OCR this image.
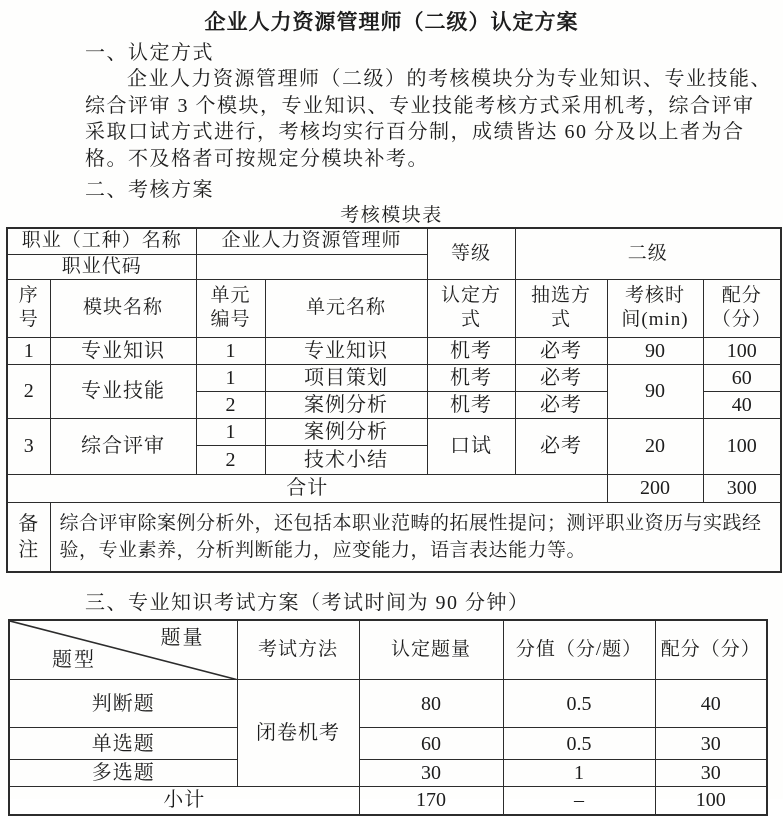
企业人力资源管理师（二级）认定方案
一、认定方式
企业人力资源管理师（二级）的考核模块分为专业知识、专业技能、
综合评审 3 个模块，专业知识、专业技能考核方式采用机考，综合评审
采取口试方式进行，考核均实行百分制，成绩皆达 60 分及以上者为合
格。不及格者可按规定分模块补考。
二、考核方案
考核模块表
职业（工种）名称		企业人力资源管理师		等级	二级		
职业代码							
序号	模块名称	单元编号	单元名称	认定方式	抽选方式	考核时间(min)	配分（分）
1	专业知识	1	专业知识	机考	必考	90	100
2	专业技能	1	项目策划	机考	必考	90	60
		2	案例分析	机考	必考		40
3	综合评审	1	案例分析	口试	必考	20	100
		2	技术小结				
合计						200	300
备注	综合评审除案例分析外，还包括本职业范畴的拓展性提问；测评职业资历与实践经验，专业素养，分析判断能力，应变能力，语言表达能力等。						
三、专业知识考试方案（考试时间为 90 分钟）
题量
题型	考试方法	认定题量	分值（分/题）	配分（分）
判断题	闭卷机考	80	0.5	40
单选题		60	0.5	30
多选题		30	1	30
小计		170	–	100
